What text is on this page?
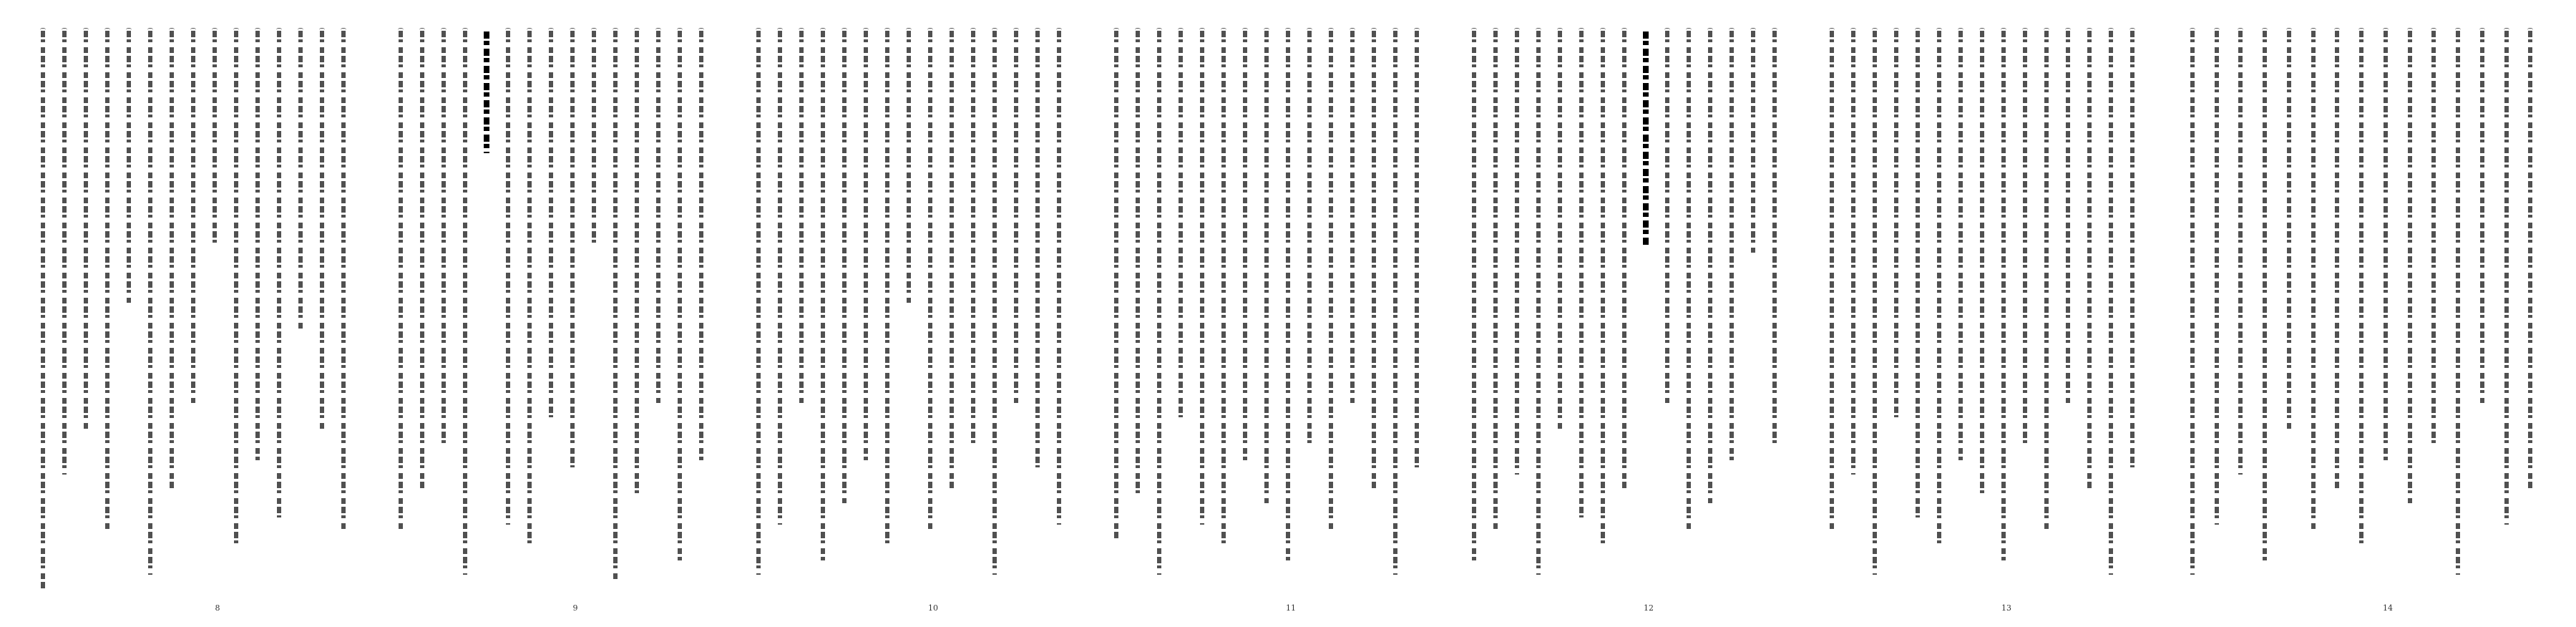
8	9	10	11	12	13	14
